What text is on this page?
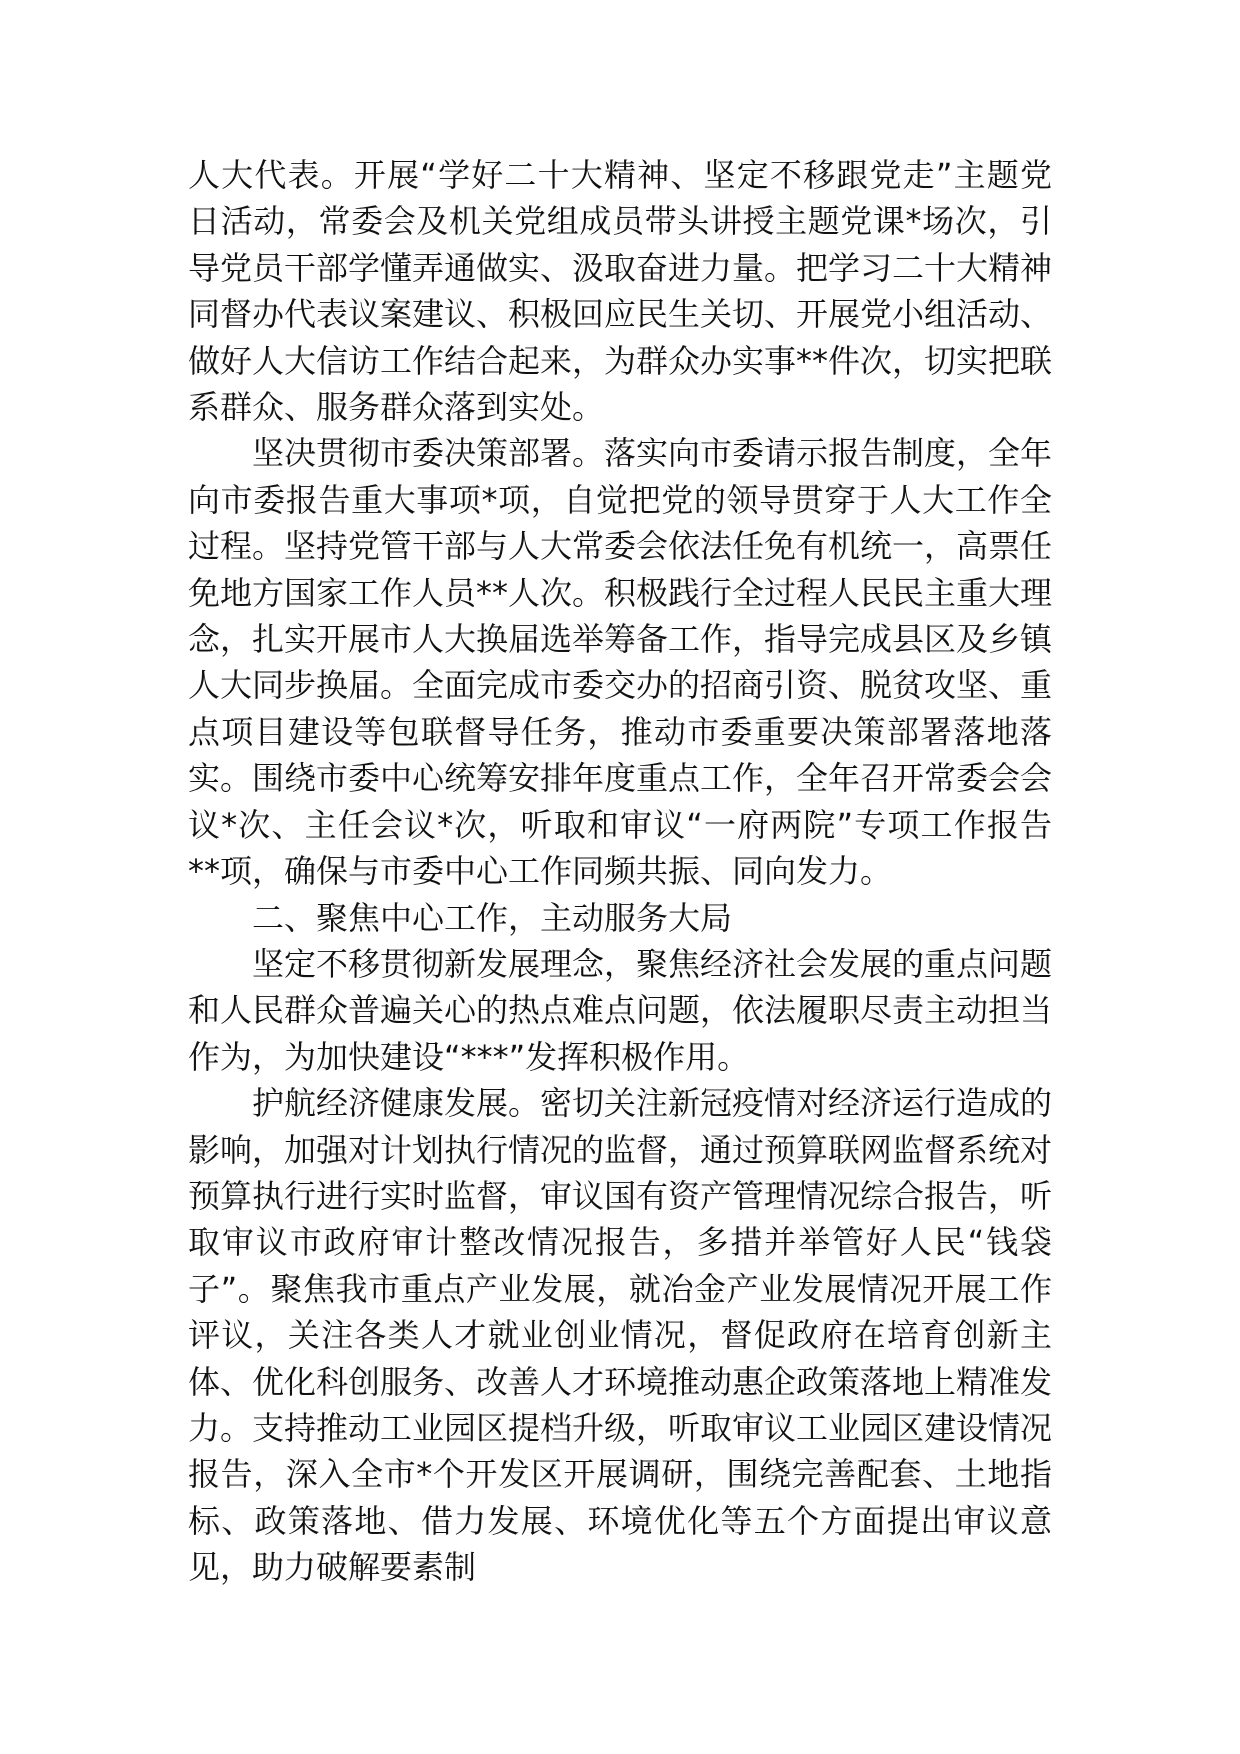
人大代表。开展“学好二十大精神、坚定不移跟党走”主题党日活动，常委会及机关党组成员带头讲授主题党课*场次，引导党员干部学懂弄通做实、汲取奋进力量。把学习二十大精神同督办代表议案建议、积极回应民生关切、开展党小组活动、做好人大信访工作结合起来，为群众办实事**件次，切实把联系群众、服务群众落到实处。

坚决贯彻市委决策部署。落实向市委请示报告制度，全年向市委报告重大事项*项，自觉把党的领导贯穿于人大工作全过程。坚持党管干部与人大常委会依法任免有机统一，高票任免地方国家工作人员**人次。积极践行全过程人民民主重大理念，扎实开展市人大换届选举筹备工作，指导完成县区及乡镇人大同步换届。全面完成市委交办的招商引资、脱贫攻坚、重点项目建设等包联督导任务，推动市委重要决策部署落地落实。围绕市委中心统筹安排年度重点工作，全年召开常委会会议*次、主任会议*次，听取和审议“一府两院”专项工作报告**项，确保与市委中心工作同频共振、同向发力。

二、聚焦中心工作，主动服务大局

坚定不移贯彻新发展理念，聚焦经济社会发展的重点问题和人民群众普遍关心的热点难点问题，依法履职尽责主动担当作为，为加快建设“***”发挥积极作用。

护航经济健康发展。密切关注新冠疫情对经济运行造成的影响，加强对计划执行情况的监督，通过预算联网监督系统对预算执行进行实时监督，审议国有资产管理情况综合报告，听取审议市政府审计整改情况报告，多措并举管好人民“钱袋子”。聚焦我市重点产业发展，就冶金产业发展情况开展工作评议，关注各类人才就业创业情况，督促政府在培育创新主体、优化科创服务、改善人才环境推动惠企政策落地上精准发力。支持推动工业园区提档升级，听取审议工业园区建设情况报告，深入全市*个开发区开展调研，围绕完善配套、土地指标、政策落地、借力发展、环境优化等五个方面提出审议意见，助力破解要素制
